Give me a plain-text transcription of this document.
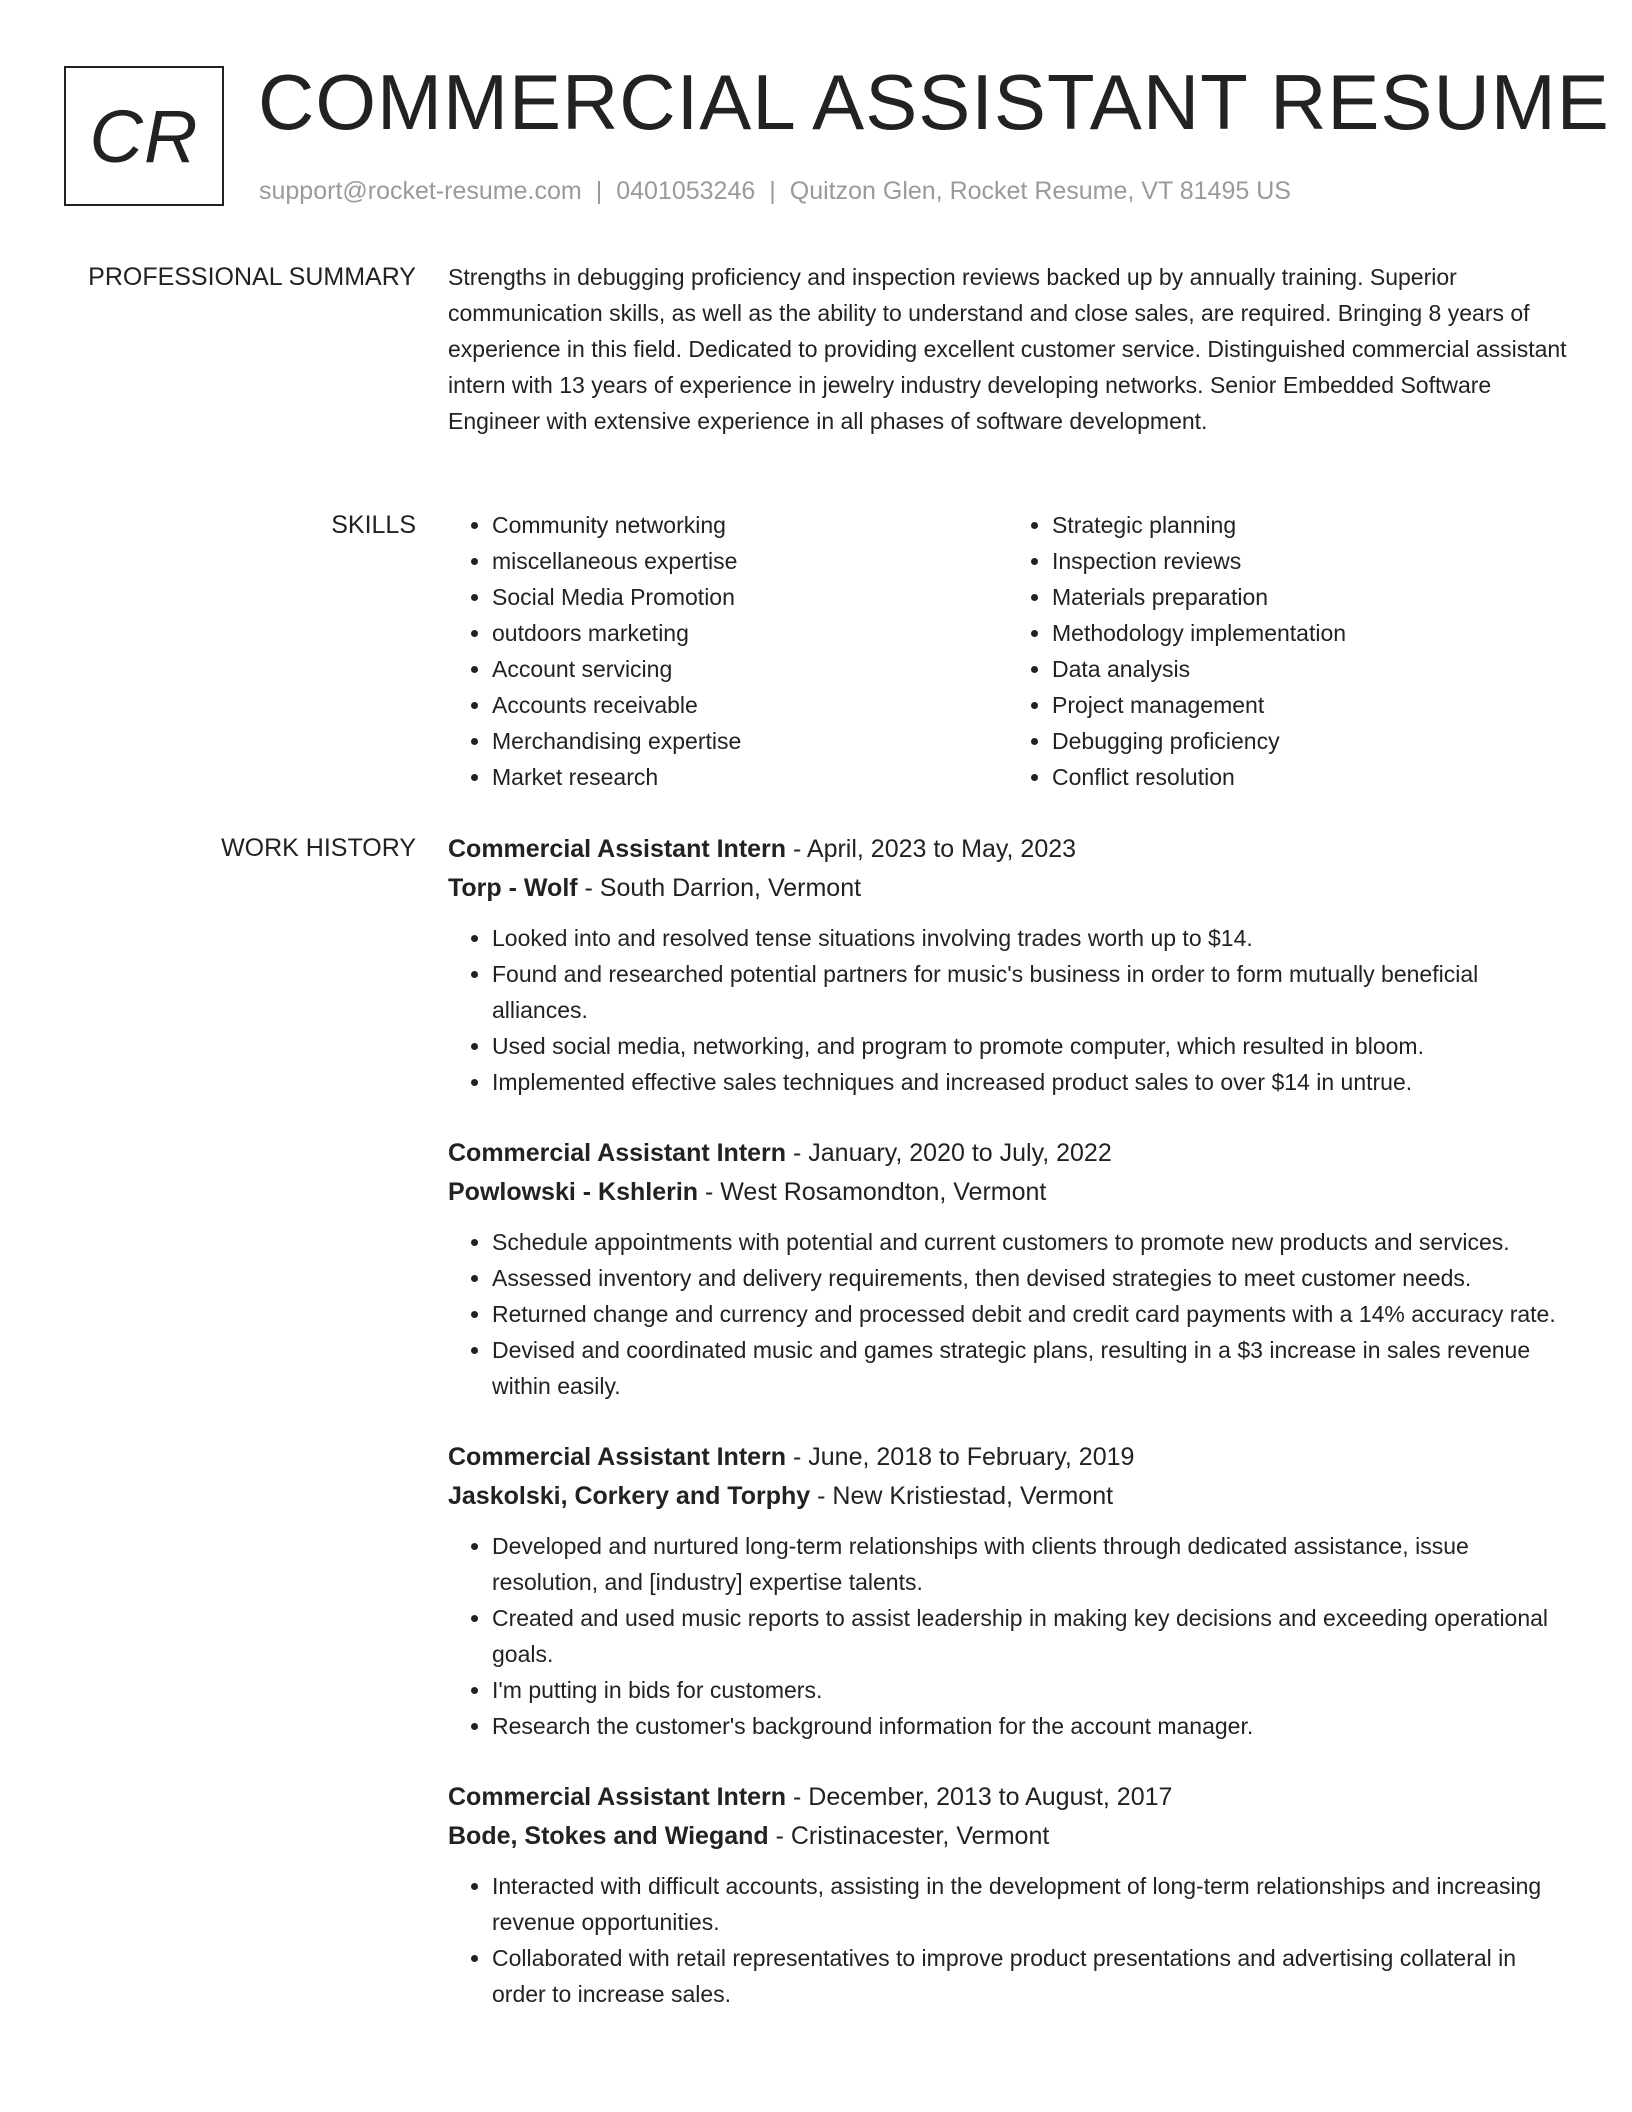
CR COMMERCIAL ASSISTANT RESUME
support@rocket-resume.com | 0401053246 | Quitzon Glen, Rocket Resume, VT 81495 US
PROFESSIONAL SUMMARY Strengths in debugging proficiency and inspection reviews backed up by annually training. Superior communication skills, as well as the ability to understand and close sales, are required. Bringing 8 years of experience in this field. Dedicated to providing excellent customer service. Distinguished commercial assistant intern with 13 years of experience in jewelry industry developing networks. Senior Embedded Software Engineer with extensive experience in all phases of software development.

SKILLS
•	Community networking
• miscellaneous expertise
• Social Media Promotion
• outdoors marketing
• Account servicing
• Accounts receivable
• Merchandising expertise
• Market research
• Strategic planning
• Inspection reviews
• Materials preparation
• Methodology implementation
• Data analysis
• Project management
• Debugging proficiency
• Conflict resolution
WORK HISTORY Commercial Assistant Intern - April, 2023 to May, 2023
Torp - Wolf - South Darrion, Vermont
• Looked into and resolved tense situations involving trades worth up to $14.
• Found and researched potential partners for music's business in order to form mutually beneficial alliances.
• Used social media, networking, and program to promote computer, which resulted in bloom.
• Implemented effective sales techniques and increased product sales to over $14 in untrue.
Commercial Assistant Intern - January, 2020 to July, 2022
Powlowski - Kshlerin - West Rosamondton, Vermont
• Schedule appointments with potential and current customers to promote new products and services.
• Assessed inventory and delivery requirements, then devised strategies to meet customer needs.
• Returned change and currency and processed debit and credit card payments with a 14% accuracy rate.
• Devised and coordinated music and games strategic plans, resulting in a $3 increase in sales revenue within easily.
Commercial Assistant Intern - June, 2018 to February, 2019
Jaskolski, Corkery and Torphy - New Kristiestad, Vermont
• Developed and nurtured long-term relationships with clients through dedicated assistance, issue resolution, and [industry] expertise talents.
• Created and used music reports to assist leadership in making key decisions and exceeding operational goals.
• I'm putting in bids for customers.
• Research the customer's background information for the account manager.
Commercial Assistant Intern - December, 2013 to August, 2017
Bode, Stokes and Wiegand - Cristinacester, Vermont
• Interacted with difficult accounts, assisting in the development of long-term relationships and increasing revenue opportunities.
• Collaborated with retail representatives to improve product presentations and advertising collateral in order to increase sales.
